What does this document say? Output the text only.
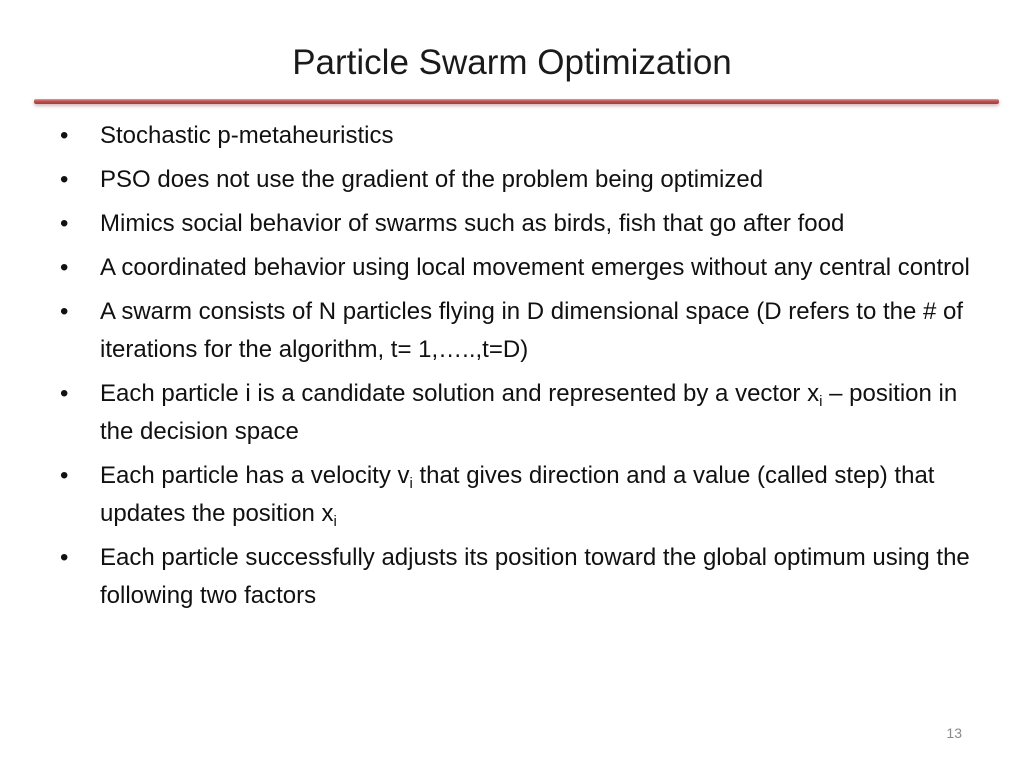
Particle Swarm Optimization
•	Stochastic p-metaheuristics
•	PSO does not use the gradient of the problem being optimized
•	Mimics social behavior of swarms such as birds, fish that go after food
•	A coordinated behavior using local movement emerges without any central control
•	A swarm consists of N particles flying in D dimensional space (D refers to the # of iterations for the algorithm, t= 1,…..,t=D)
•	Each particle i is a candidate solution and represented by a vector $x_i$ – position in the decision space
•	Each particle has a velocity $v_i$ that gives direction and a value (called step) that updates the position $x_i$
•	Each particle successfully adjusts its position toward the global optimum using the following two factors
13
